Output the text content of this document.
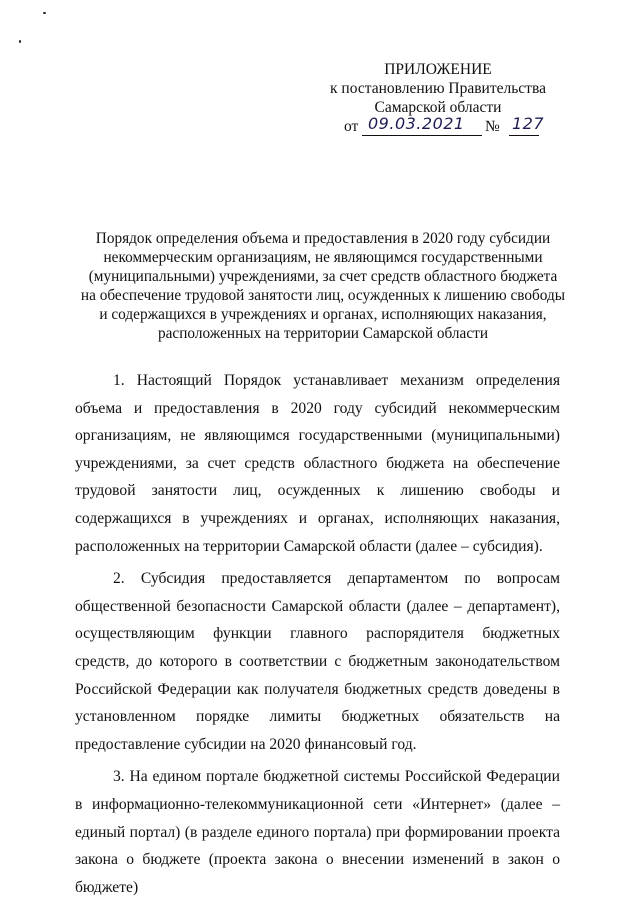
ПРИЛОЖЕНИЕ
к постановлению Правительства
Самарской области
от 09.03.2021 № 127

Порядок определения объема и предоставления в 2020 году субсидии

некоммерческим организациям, не являющимся государственными

(муниципальными) учреждениями, за счет средств областного бюджета

на обеспечение трудовой занятости лиц, осужденных к лишению свободы

и содержащихся в учреждениях и органах, исполняющих наказания,

расположенных на территории Самарской области

1. Настоящий Порядок устанавливает механизм определения объема и предоставления в 2020 году субсидий некоммерческим организациям, не являющимся государственными (муниципальными) учреждениями, за счет средств областного бюджета на обеспечение трудовой занятости лиц, осужденных к лишению свободы и содержащихся в учреждениях и органах, исполняющих наказания, расположенных на территории Самарской области (далее – субсидия).

2. Субсидия предоставляется департаментом по вопросам общественной безопасности Самарской области (далее – департамент), осуществляющим функции главного распорядителя бюджетных средств, до которого в соответствии с бюджетным законодательством Российской Федерации как получателя бюджетных средств доведены в установленном порядке лимиты бюджетных обязательств на предоставление субсидии на 2020 финансовый год.

3. На едином портале бюджетной системы Российской Федерации в информационно-телекоммуникационной сети «Интернет» (далее – единый портал) (в разделе единого портала) при формировании проекта закона о бюджете (проекта закона о внесении изменений в закон о бюджете)
